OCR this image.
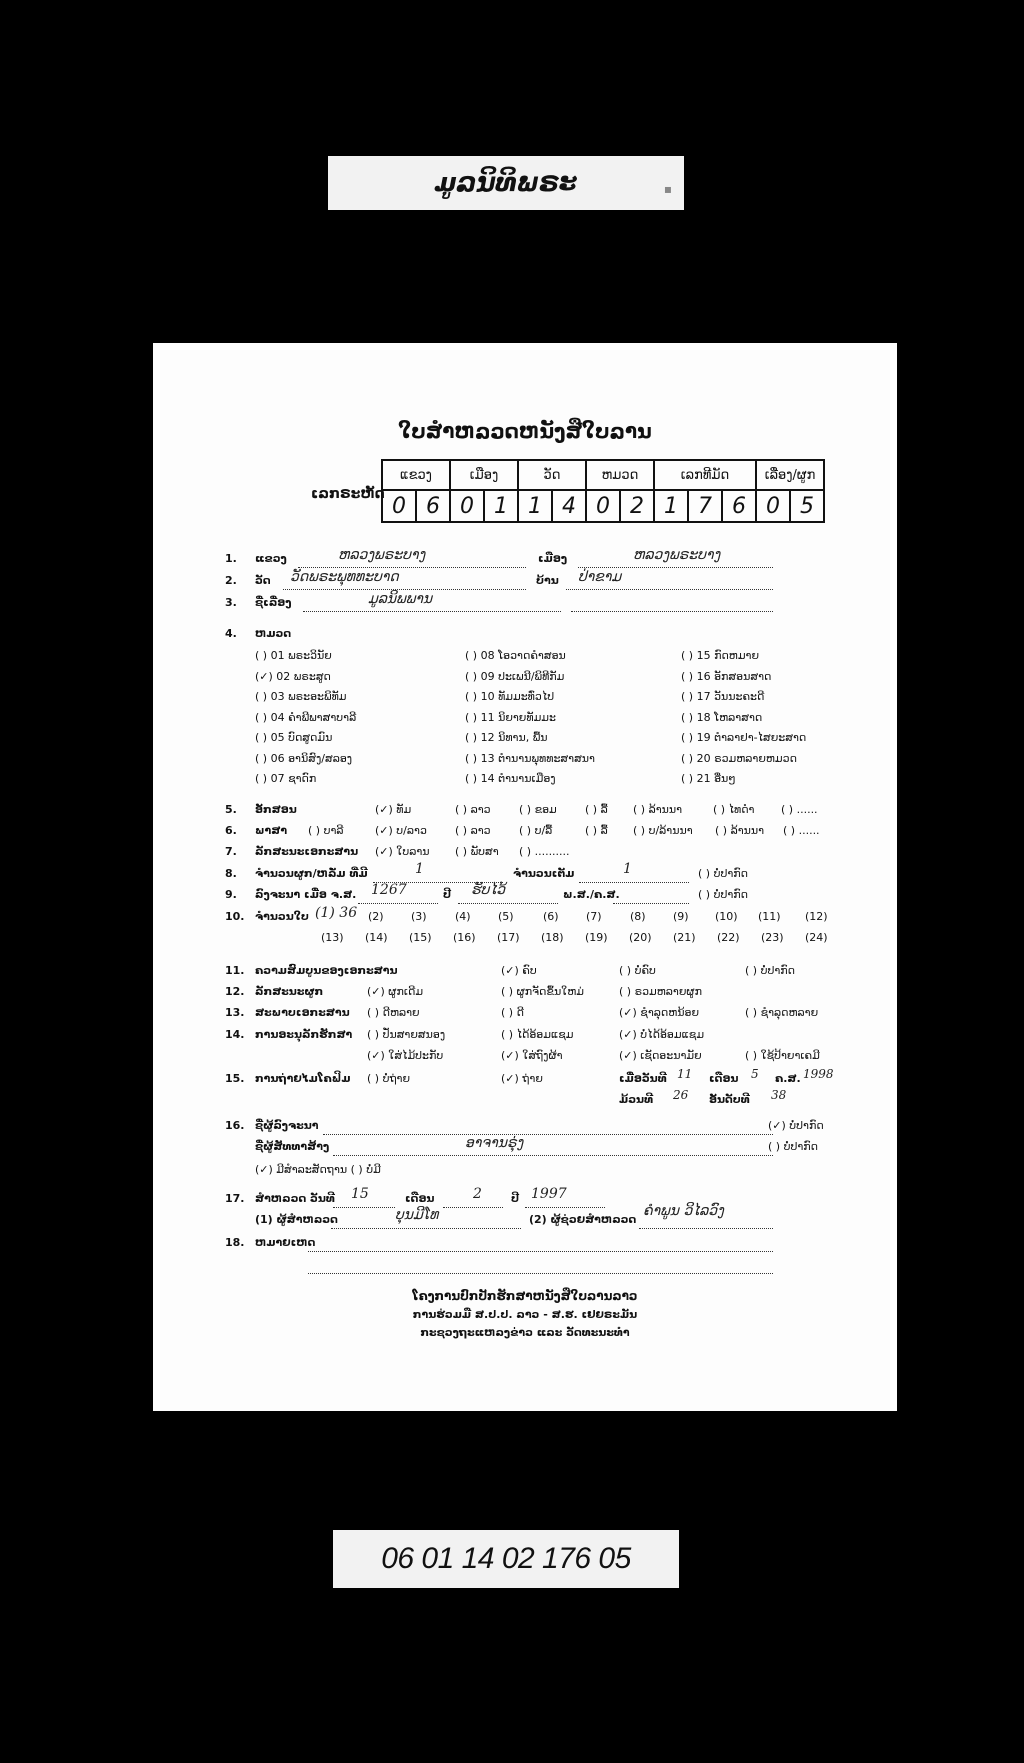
ມູລນິທິພຣະ	▪︎
ໃບສຳຫລວດຫນັງສືໃບລານ
ເລກຣະຫັດ
ແຂວງ		ເມືອງ		ວັດ		ຫມວດ		ເລກທີມັດ			ເລື່ອງ/ຜູກ	
0	6	0	1	1	4	0	2	1	7	6	0	5
1. ແຂວງ	ຫລວງພຣະບາງ	ເມືອງ	ຫລວງພຣະບາງ
2. ວັດ ວັດພຣະພຸທທະບາດ	ບ້ານ ປ່າຂາມ
3. ຊື່ເລື່ອງ	ມູລນິພພານ
4. ຫມວດ
( ) 01 ພຣະວິນັຍ	( ) 08 ໂອວາດຄຳສອນ	( ) 15 ກົດຫມາຍ
(✓) 02 ພຣະສູດ	( ) 09 ປະເພນີ/ພິທີກັມ	( ) 16 ອັກສອນສາດ
( ) 03 ພຣະອະພິທັມ	( ) 10 ທັມມະທົ່ວໄປ	( ) 17 ວັນນະຄະດີ
( ) 04 ຄຳພີພາສາບາລີ	( ) 11 ນິຍາຍທັມມະ	( ) 18 ໂຫລາສາດ
( ) 05 ບົດສູດມົນ	( ) 12 ນິທານ, ພື້ນ	( ) 19 ຕຳລາຢາ-ໄສຍະສາດ
( ) 06 ອານິສົງ/ສລອງ	( ) 13 ຕຳນານພຸທທະສາສນາ	( ) 20 ຣວມຫລາຍຫມວດ
( ) 07 ຊາດົກ	( ) 14 ຕຳນານເມືອງ	( ) 21 ອື່ນໆ
5. ອັກສອນ	(✓) ທັມ	( ) ລາວ	( ) ຂອມ	( ) ລື້ ( ) ລ້ານນາ	( ) ໄທດຳ ( ) ......
6. ພາສາ ( ) ບາລີ	(✓) ບ/ລາວ	( ) ລາວ	( ) ບ/ລື້	( ) ລື້ ( ) ບ/ລ້ານນາ ( ) ລ້ານນາ ( ) ......
7. ລັກສະນະເອກະສານ (✓) ໃບລານ ( ) ພັບສາ ( ) ..........
8. ຈຳນວນຜູກ/ຫລັ່ມ ທີ່ມີ	1	ຈຳນວນເຕັມ	1	( ) ບໍ່ປາກົດ
9. ລົງຈະນາ ເມື່ອ ຈ.ສ. 1267	ປີ ຮັບໄວ້	ພ.ສ./ຄ.ສ.	( ) ບໍ່ປາກົດ
10. ຈຳນວນໃບ (1) 36 (2) (3)	(4) (5)	(6) (7)	(8) (9) (10) (11) (12)
(13) (14) (15) (16) (17) (18) (19) (20) (21) (22) (23) (24)
11. ຄວາມສົມບູນຂອງເອກະສານ	(✓) ຄົບ	( ) ບໍ່ຄົບ	( ) ບໍ່ປາກົດ
12. ລັກສະນະຜູກ	(✓) ຜູກເດີມ	( ) ຜູກຈັດຂຶ້ນໃຫມ່	( ) ຣວມຫລາຍຜູກ
13. ສະພາບເອກະສານ ( ) ດີຫລາຍ	( ) ດີ	(✓) ຊຳລຸດຫນ້ອຍ	( ) ຊຳລຸດຫລາຍ
14. ການອະນຸລັກຮັກສາ ( ) ປັ່ນສາຍສນອງ	( ) ໄດ້ອ້ອມແຊມ	(✓) ບໍ່ໄດ້ອ້ອມແຊມ
(✓) ໃສ່ໄມ້ປະກັບ	(✓) ໃສ່ຖົງຜ້າ	(✓) ເຊັດອະນາມັຍ	( ) ໃຊ້ປ້າຍາເຄມີ
15. ການຖ່າຍໄມໂຄຟິມ ( ) ບໍ່ຖ່າຍ	(✓) ຖ່າຍ	ເມື່ອວັນທີ 11 ເດືອນ 5 ຄ.ສ. 1998
ມ້ວນທີ 26 ອັນດັບທີ 38
16. ຊື່ຜູ້ລົງຈະນາ	(✓) ບໍ່ປາກົດ
ຊື່ຜູ້ສັທທາສ້າງ	ອາຈານຣຸ່ງ	( ) ບໍ່ປາກົດ
(✓) ມີສຳລະສັດຖານ ( ) ບໍ່ມີ
17. ສຳຫລວດ ວັນທີ 15	ເດືອນ	2	ປີ 1997
(1) ຜູ້ສຳຫລວດ	ບຸນມີໂທ	(2) ຜູ້ຊ່ວຍສຳຫລວດ
ຄຳພູນ ວິໄລວົງ
18. ຫມາຍເຫດ
ໂຄງການປົກປັກຮັກສາຫນັງສືໃບລານລາວ
ການຮ່ວມມື ສ.ປ.ປ. ລາວ - ສ.ຮ. ເຢຍຣະມັນ
ກະຊວງຖະແຫລງຂ່າວ ແລະ ວັດທະນະທຳ
06 01 14 02 176 05
